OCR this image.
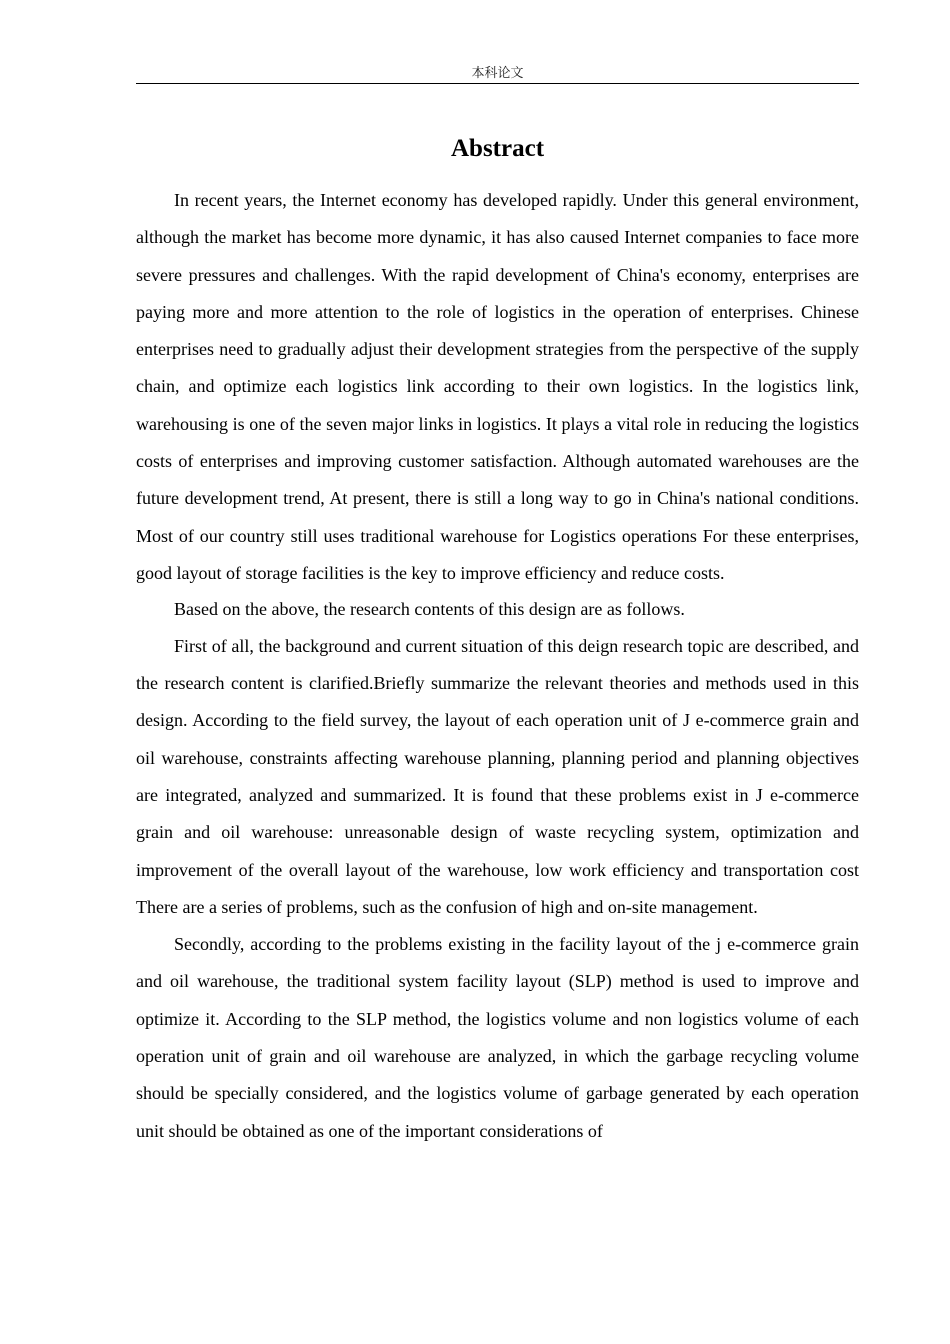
本科论文
Abstract

In recent years, the Internet economy has developed rapidly. Under this general environment, although the market has become more dynamic, it has also caused Internet companies to face more severe pressures and challenges. With the rapid development of China's economy, enterprises are paying more and more attention to the role of logistics in the operation of enterprises. Chinese enterprises need to gradually adjust their development strategies from the perspective of the supply chain, and optimize each logistics link according to their own logistics. In the logistics link, warehousing is one of the seven major links in logistics. It plays a vital role in reducing the logistics costs of enterprises and improving customer satisfaction. Although automated warehouses are the future development trend, At present, there is still a long way to go in China's national conditions. Most of our country still uses traditional warehouse for Logistics operations For these enterprises, good layout of storage facilities is the key to improve efficiency and reduce costs.

Based on the above, the research contents of this design are as follows.

First of all, the background and current situation of this deign research topic are described, and the research content is clarified.Briefly summarize the relevant theories and methods used in this design. According to the field survey, the layout of each operation unit of J e-commerce grain and oil warehouse, constraints affecting warehouse planning, planning period and planning objectives are integrated, analyzed and summarized. It is found that these problems exist in J e-commerce grain and oil warehouse: unreasonable design of waste recycling system, optimization and improvement of the overall layout of the warehouse, low work efficiency and transportation cost There are a series of problems, such as the confusion of high and on-site management.

Secondly, according to the problems existing in the facility layout of the j e-commerce grain and oil warehouse, the traditional system facility layout (SLP) method is used to improve and optimize it. According to the SLP method, the logistics volume and non logistics volume of each operation unit of grain and oil warehouse are analyzed, in which the garbage recycling volume should be specially considered, and the logistics volume of garbage generated by each operation unit should be obtained as one of the important considerations of
